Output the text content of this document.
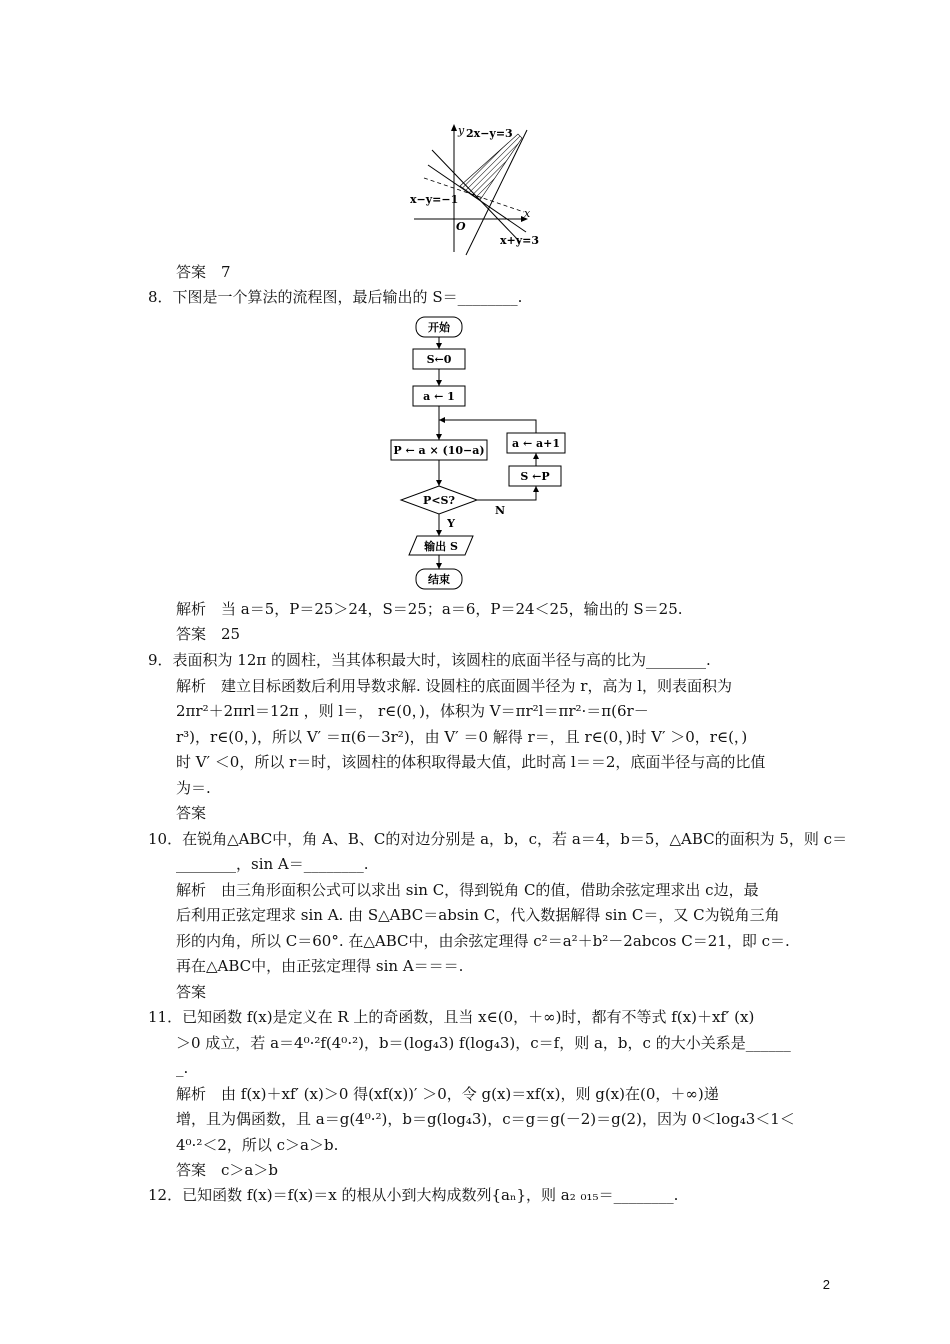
y 2x−y=3
x−y=−1
O
x
x+y=3
答案　7
8．下图是一个算法的流程图，最后输出的 S＝________.
开始
S←0
a ← 1
P ← a × (10−a)
a ← a+1
S ←P
P<S?
Y
N
输出 S
结束
解析　当 a＝5，P＝25＞24，S＝25；a＝6，P＝24＜25，输出的 S＝25.
答案　25
9．表面积为 12π 的圆柱，当其体积最大时，该圆柱的底面半径与高的比为________.
解析　建立目标函数后利用导数求解. 设圆柱的底面圆半径为 r，高为 l，则表面积为
2πr²＋2πrl＝12π ，则 l＝， r∈(0，)，体积为 V＝πr²l＝πr²·＝π(6r－
r³)，r∈(0，)，所以 V′ ＝π(6－3r²)，由 V′ ＝0 解得 r＝，且 r∈(0，)时 V′ ＞0，r∈(，)
时 V′ ＜0，所以 r＝时，该圆柱的体积取得最大值，此时高 l＝＝2，底面半径与高的比值
为＝.
答案
10．在锐角△ABC中，角 A、B、C的对边分别是 a，b，c，若 a＝4，b＝5，△ABC的面积为 5，则 c＝
________，sin A＝________.
解析　由三角形面积公式可以求出 sin C，得到锐角 C的值，借助余弦定理求出 c边，最
后利用正弦定理求 sin A. 由 S△ABC＝absin C，代入数据解得 sin C＝，又 C为锐角三角
形的内角，所以 C＝60°. 在△ABC中，由余弦定理得 c²＝a²＋b²－2abcos C＝21，即 c＝.
再在△ABC中，由正弦定理得 sin A＝＝＝.
答案
11．已知函数 f(x)是定义在 R 上的奇函数，且当 x∈(0，＋∞)时，都有不等式 f(x)＋xf′ (x)
＞0 成立，若 a＝4⁰·²f(4⁰·²)，b＝(log₄3) f(log₄3)，c＝f，则 a，b，c 的大小关系是______
_.
解析　由 f(x)＋xf′ (x)＞0 得(xf(x))′ ＞0，令 g(x)＝xf(x)，则 g(x)在(0，＋∞)递
增，且为偶函数，且 a＝g(4⁰·²)，b＝g(log₄3)，c＝g＝g(－2)＝g(2)，因为 0＜log₄3＜1＜
4⁰·²＜2，所以 c＞a＞b.
答案　c＞a＞b
12．已知函数 f(x)＝f(x)＝x 的根从小到大构成数列{aₙ}，则 a₂ ₀₁₅＝________.
2
